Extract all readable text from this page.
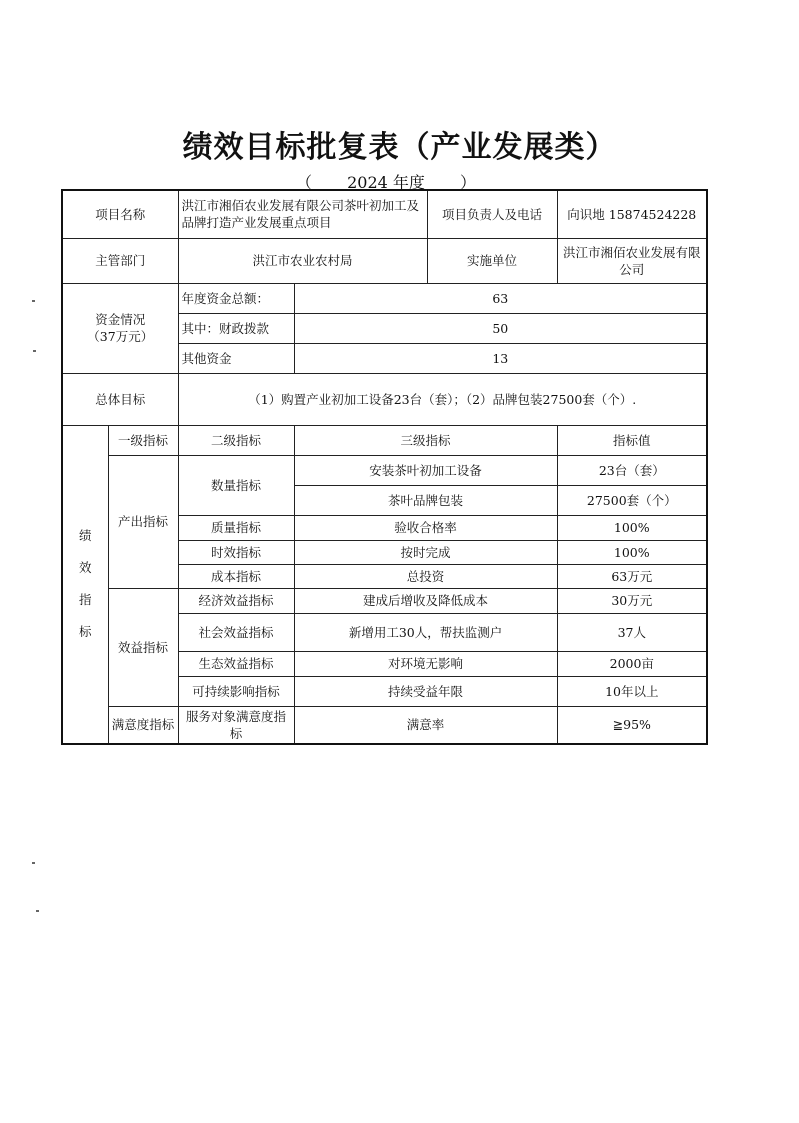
绩效目标批复表（产业发展类）
（ 2024 年度 ）
项目名称		洪江市湘佰农业发展有限公司茶叶初加工及品牌打造产业发展重点项目		项目负责人及电话	向识地 15874524228
主管部门		洪江市农业农村局		实施单位	洪江市湘佰农业发展有限公司

资金情况
（37万元）		年度资金总额：	63		
		其中：财政拨款	50		
		其他资金	13		
总体目标		（1）购置产业初加工设备23台（套）；（2）品牌包装27500套（个）.			

绩
效
指
标	一级指标	二级指标	三级指标		指标值
	产出指标	数量指标	安装茶叶初加工设备		23台（套）
			茶叶品牌包装		27500套（个）
		质量指标	验收合格率		100%
		时效指标	按时完成		100%
		成本指标	总投资		63万元
	效益指标	经济效益指标	建成后增收及降低成本		30万元
		社会效益指标	新增用工30人，帮扶监测户		37人
		生态效益指标	对环境无影响		2000亩
		可持续影响指标	持续受益年限		10年以上
	满意度指标	服务对象满意度指标	满意率		≧95%
